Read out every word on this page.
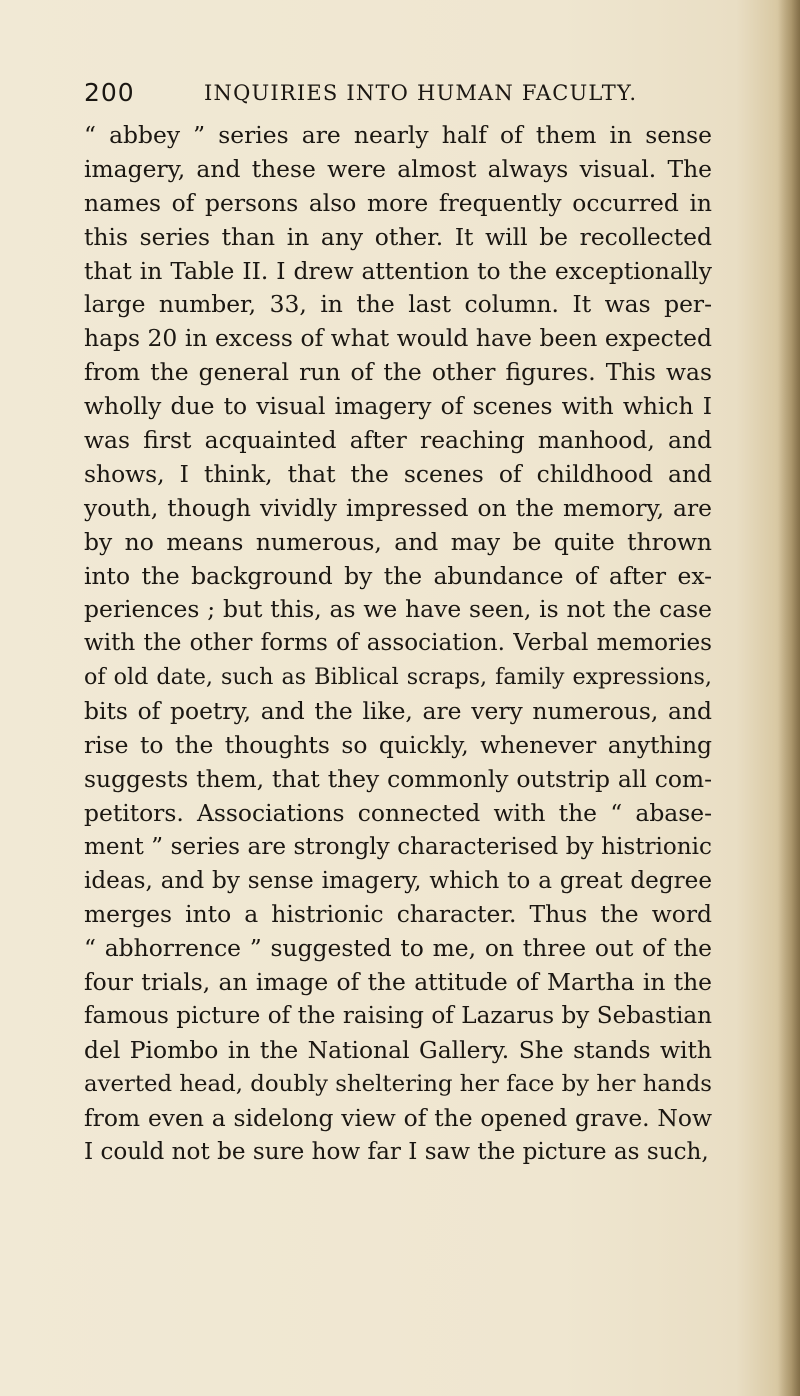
200	INQUIRIES INTO HUMAN FACULTY.
“ abbey ” series are nearly half of them in sense
imagery, and these were almost always visual. The
names of persons also more frequently occurred in
this series than in any other. It will be recollected
that in Table II. I drew attention to the exceptionally
large number, 33, in the last column. It was per-
haps 20 in excess of what would have been expected
from the general run of the other figures. This was
wholly due to visual imagery of scenes with which I
was first acquainted after reaching manhood, and
shows, I think, that the scenes of childhood and
youth, though vividly impressed on the memory, are
by no means numerous, and may be quite thrown
into the background by the abundance of after ex-
periences ; but this, as we have seen, is not the case
with the other forms of association. Verbal memories
of old date, such as Biblical scraps, family expressions,
bits of poetry, and the like, are very numerous, and
rise to the thoughts so quickly, whenever anything
suggests them, that they commonly outstrip all com-
petitors. Associations connected with the “ abase-
ment ” series are strongly characterised by histrionic
ideas, and by sense imagery, which to a great degree
merges into a histrionic character. Thus the word
“ abhorrence ” suggested to me, on three out of the
four trials, an image of the attitude of Martha in the
famous picture of the raising of Lazarus by Sebastian
del Piombo in the National Gallery. She stands with
averted head, doubly sheltering her face by her hands
from even a sidelong view of the opened grave. Now
I could not be sure how far I saw the picture as such,
